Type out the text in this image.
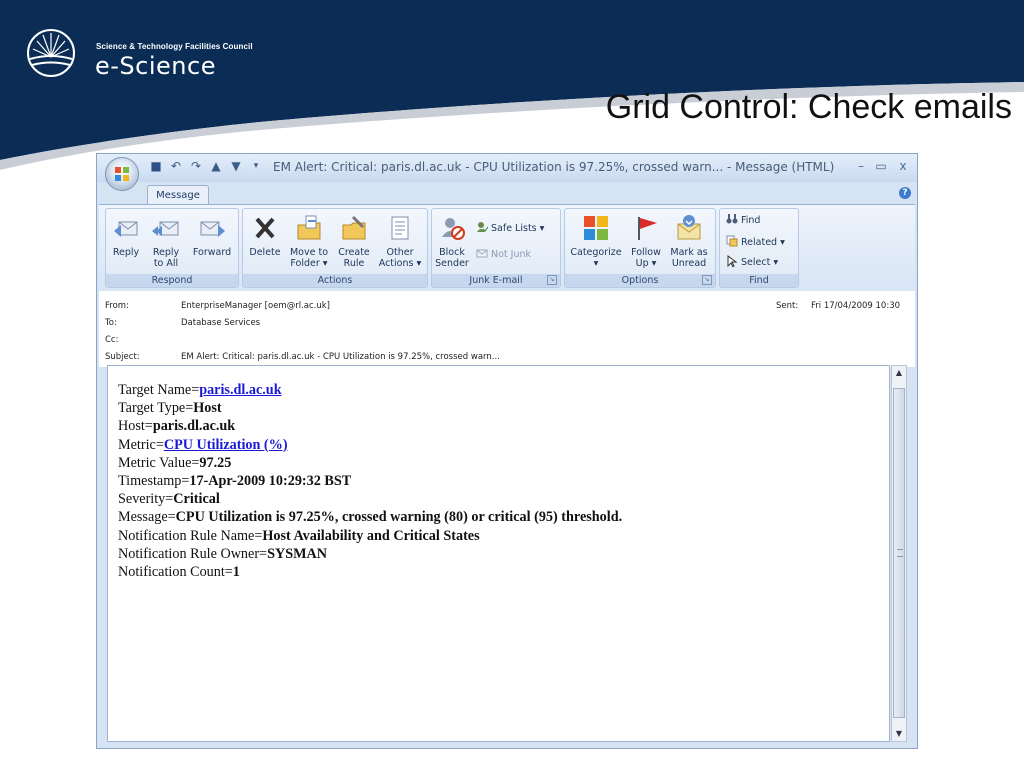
Science & Technology Facilities Council
e-Science
Grid Control: Check emails
■ ↶ ↷ ▲ ▼	▾	EM Alert: Critical: paris.dl.ac.uk - CPU Utilization is 97.25%, crossed warn... - Message (HTML)	– ▭	x
Message	?
Reply	Reply
to All
Forward
Respond
Delete Move to
Folder ▾
Create
Rule
Other
Actions ▾
Actions
Block
Sender
Safe Lists ▾
Not Junk
Junk E-mail	↘
Categorize
▾
Follow
Up ▾
Mark as
Unread
Options	↘
Find
Related ▾
Select ▾
Find
From:	EnterpriseManager [oem@rl.ac.uk]
To:	Database Services
Cc:
Subject:	EM Alert: Critical: paris.dl.ac.uk - CPU Utilization is 97.25%, crossed warn...
Sent: Fri 17/04/2009 10:30
Target Name=paris.dl.ac.uk
Target Type=Host
Host=paris.dl.ac.uk
Metric=CPU Utilization (%)
Metric Value=97.25
Timestamp=17-Apr-2009 10:29:32 BST
Severity=Critical
Message=CPU Utilization is 97.25%, crossed warning (80) or critical (95) threshold.
Notification Rule Name=Host Availability and Critical States
Notification Rule Owner=SYSMAN
Notification Count=1
▲
▼
